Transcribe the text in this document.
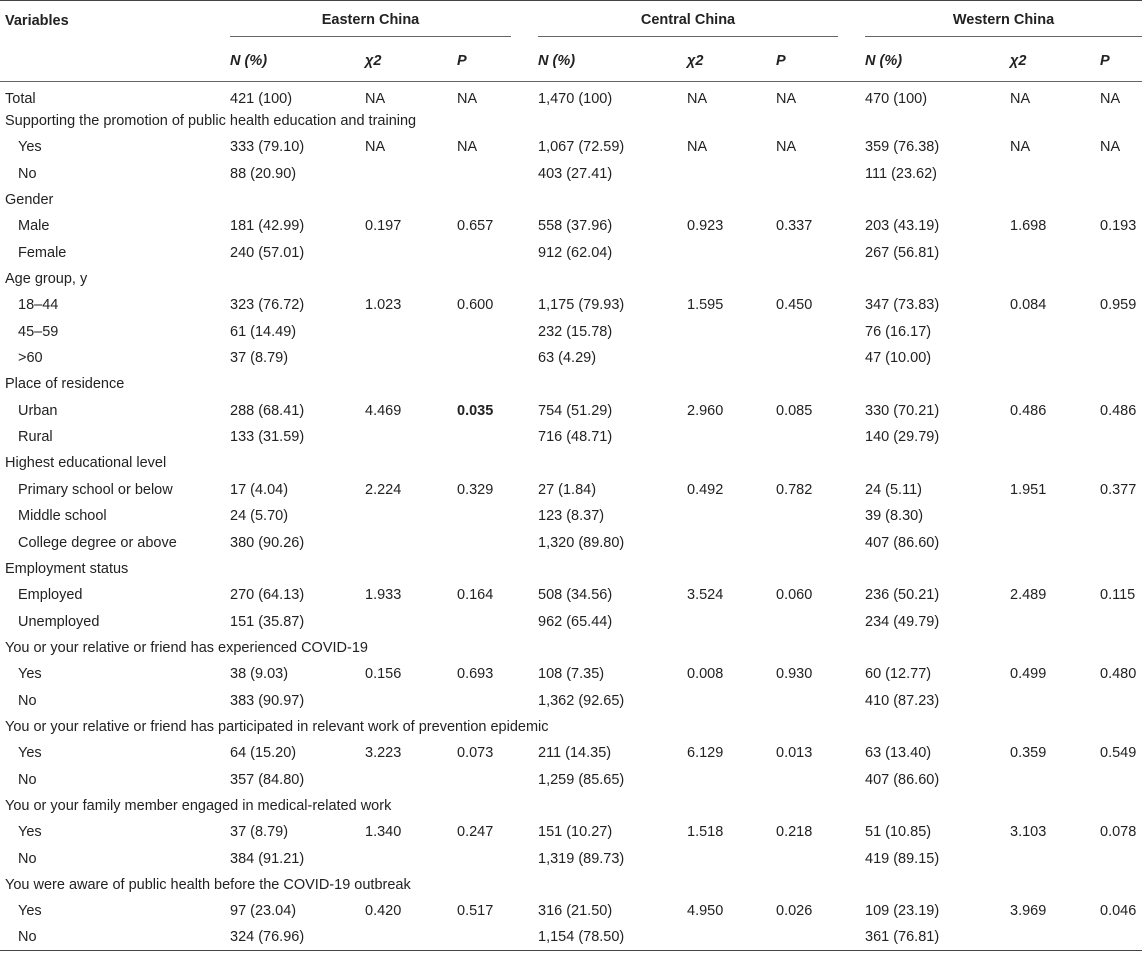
Variables	Eastern China			Central China			Western China		

	N (%)	χ2	P	N (%)	χ2	P	N (%)	χ2	P
Total	421 (100)	NA	NA	1,470 (100)	NA	NA	470 (100)	NA	NA
Supporting the promotion of public health education and training									
Yes	333 (79.10)	NA	NA	1,067 (72.59)	NA	NA	359 (76.38)	NA	NA
No	88 (20.90)			403 (27.41)			111 (23.62)		
Gender									
Male	181 (42.99)	0.197	0.657	558 (37.96)	0.923	0.337	203 (43.19)	1.698	0.193
Female	240 (57.01)			912 (62.04)			267 (56.81)		
Age group, y									
18–44	323 (76.72)	1.023	0.600	1,175 (79.93)	1.595	0.450	347 (73.83)	0.084	0.959
45–59	61 (14.49)			232 (15.78)			76 (16.17)		
>60	37 (8.79)			63 (4.29)			47 (10.00)		
Place of residence									
Urban	288 (68.41)	4.469	0.035	754 (51.29)	2.960	0.085	330 (70.21)	0.486	0.486
Rural	133 (31.59)			716 (48.71)			140 (29.79)		
Highest educational level									
Primary school or below	17 (4.04)	2.224	0.329	27 (1.84)	0.492	0.782	24 (5.11)	1.951	0.377
Middle school	24 (5.70)			123 (8.37)			39 (8.30)		
College degree or above	380 (90.26)			1,320 (89.80)			407 (86.60)		
Employment status									
Employed	270 (64.13)	1.933	0.164	508 (34.56)	3.524	0.060	236 (50.21)	2.489	0.115
Unemployed	151 (35.87)			962 (65.44)			234 (49.79)		
You or your relative or friend has experienced COVID-19									
Yes	38 (9.03)	0.156	0.693	108 (7.35)	0.008	0.930	60 (12.77)	0.499	0.480
No	383 (90.97)			1,362 (92.65)			410 (87.23)		
You or your relative or friend has participated in relevant work of prevention epidemic									
Yes	64 (15.20)	3.223	0.073	211 (14.35)	6.129	0.013	63 (13.40)	0.359	0.549
No	357 (84.80)			1,259 (85.65)			407 (86.60)		
You or your family member engaged in medical-related work									
Yes	37 (8.79)	1.340	0.247	151 (10.27)	1.518	0.218	51 (10.85)	3.103	0.078
No	384 (91.21)			1,319 (89.73)			419 (89.15)		
You were aware of public health before the COVID-19 outbreak									
Yes	97 (23.04)	0.420	0.517	316 (21.50)	4.950	0.026	109 (23.19)	3.969	0.046
No	324 (76.96)			1,154 (78.50)			361 (76.81)		
